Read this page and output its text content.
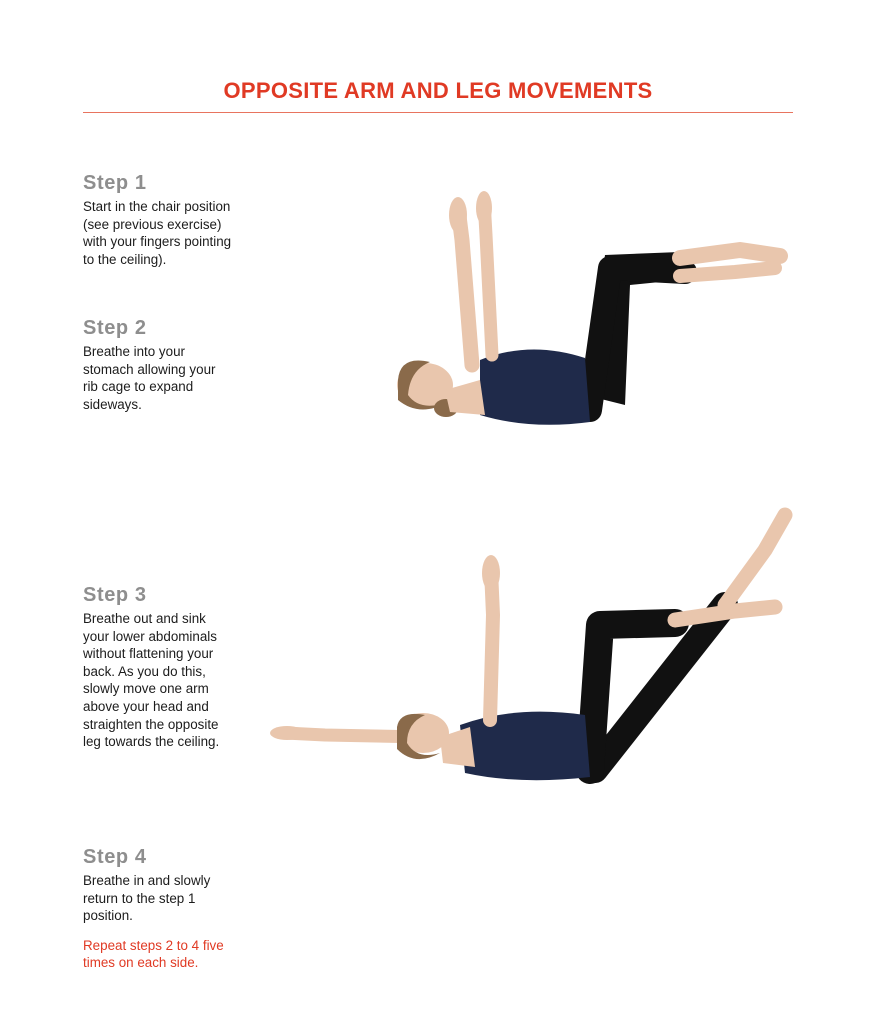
OPPOSITE ARM AND LEG MOVEMENTS
Step 1

Start in the chair position
(see previous exercise)
with your fingers pointing
to the ceiling).

Step 2

Breathe into your
stomach allowing your
rib cage to expand
sideways.

Step 3

Breathe out and sink
your lower abdominals
without flattening your
back. As you do this,
slowly move one arm
above your head and
straighten the opposite
leg towards the ceiling.

Step 4

Breathe in and slowly
return to the step 1
position.

Repeat steps 2 to 4 five
times on each side.
